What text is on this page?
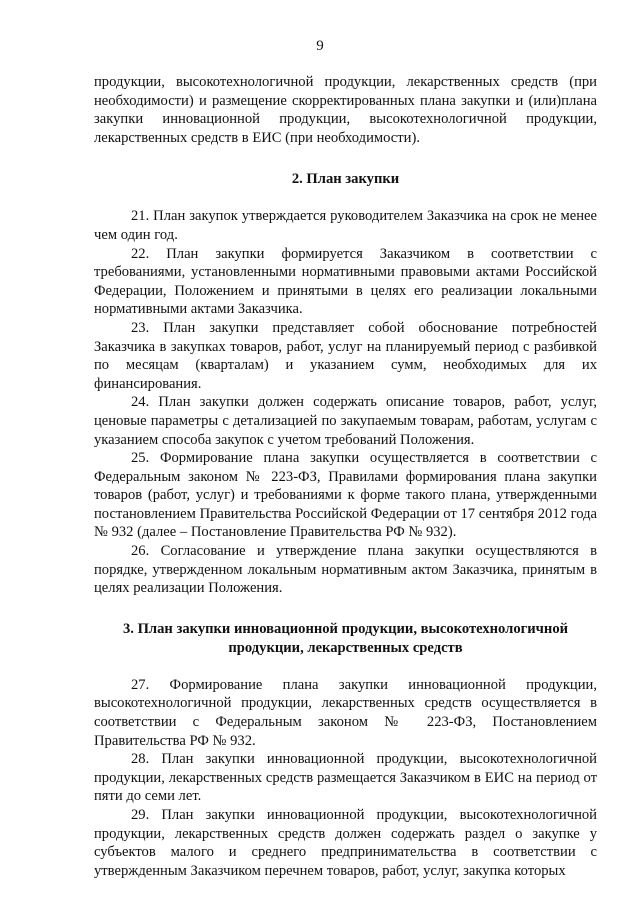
9

продукции, высокотехнологичной продукции, лекарственных средств (при необходимости) и размещение скорректированных плана закупки и (или)плана закупки инновационной продукции, высокотехнологичной продукции, лекарственных средств в ЕИС (при необходимости).

2. План закупки

21. План закупок утверждается руководителем Заказчика на срок не менее чем один год.

22. План закупки формируется Заказчиком в соответствии с требованиями, установленными нормативными правовыми актами Российской Федерации, Положением и принятыми в целях его реализации локальными нормативными актами Заказчика.

23. План закупки представляет собой обоснование потребностей Заказчика в закупках товаров, работ, услуг на планируемый период с разбивкой по месяцам (кварталам) и указанием сумм, необходимых для их финансирования.

24. План закупки должен содержать описание товаров, работ, услуг, ценовые параметры с детализацией по закупаемым товарам, работам, услугам с указанием способа закупок с учетом требований Положения.

25. Формирование плана закупки осуществляется в соответствии с Федеральным законом № 223-ФЗ, Правилами формирования плана закупки товаров (работ, услуг) и требованиями к форме такого плана, утвержденными постановлением Правительства Российской Федерации от 17 сентября 2012 года № 932 (далее – Постановление Правительства РФ № 932).

26. Согласование и утверждение плана закупки осуществляются в порядке, утвержденном локальным нормативным актом Заказчика, принятым в целях реализации Положения.

3. План закупки инновационной продукции, высокотехнологичной продукции, лекарственных средств

27. Формирование плана закупки инновационной продукции, высокотехнологичной продукции, лекарственных средств осуществляется в соответствии с Федеральным законом № 223-ФЗ, Постановлением Правительства РФ № 932.

28. План закупки инновационной продукции, высокотехнологичной продукции, лекарственных средств размещается Заказчиком в ЕИС на период от пяти до семи лет.

29. План закупки инновационной продукции, высокотехнологичной продукции, лекарственных средств должен содержать раздел о закупке у субъектов малого и среднего предпринимательства в соответствии с утвержденным Заказчиком перечнем товаров, работ, услуг, закупка которых
